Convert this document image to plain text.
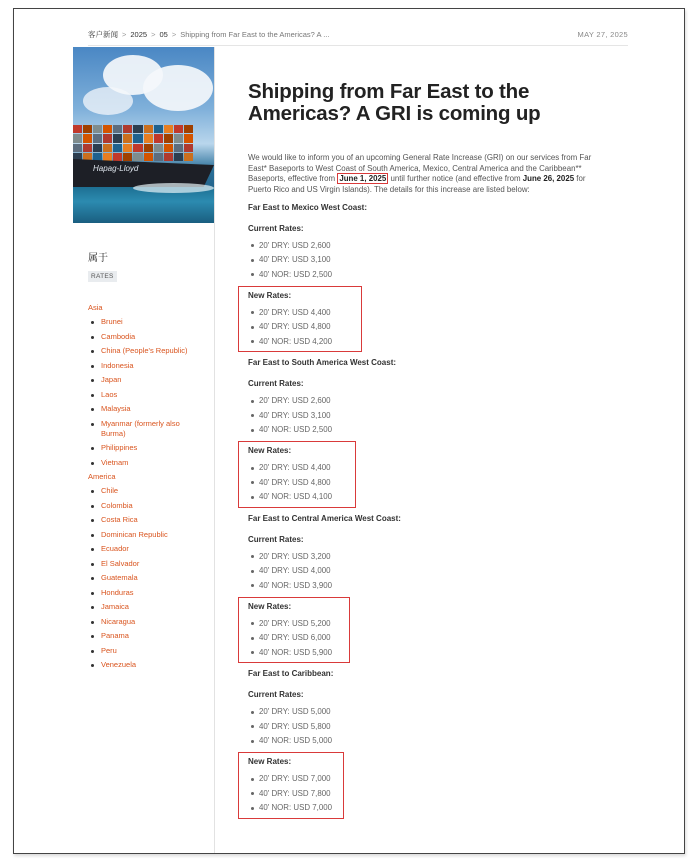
客户新闻 > 2025 > 05 > Shipping from Far East to the Americas? A ...	MAY 27, 2025
Hapag-Lloyd
属于
RATES
Asia
Brunei
Cambodia
China (People's Republic)
Indonesia
Japan
Laos
Malaysia
Myanmar (formerly also Burma)
Philippines
Vietnam
America
Chile
Colombia
Costa Rica
Dominican Republic
Ecuador
El Salvador
Guatemala
Honduras
Jamaica
Nicaragua
Panama
Peru
Venezuela
Shipping from Far East to the Americas? A GRI is coming up

We would like to inform you of an upcoming General Rate Increase (GRI) on our services from Far East* Baseports to West Coast of South America, Mexico, Central America and the Caribbean** Baseports, effective from June 1, 2025 until further notice (and effective from June 26, 2025 for Puerto Rico and US Virgin Islands). The details for this increase are listed below:

Far East to Mexico West Coast:
Current Rates:
20' DRY: USD 2,600
40' DRY: USD 3,100
40' NOR: USD 2,500
New Rates:
20' DRY: USD 4,400
40' DRY: USD 4,800
40' NOR: USD 4,200
Far East to South America West Coast:
Current Rates:
20' DRY: USD 2,600
40' DRY: USD 3,100
40' NOR: USD 2,500
New Rates:
20' DRY: USD 4,400
40' DRY: USD 4,800
40' NOR: USD 4,100
Far East to Central America West Coast:
Current Rates:
20' DRY: USD 3,200
40' DRY: USD 4,000
40' NOR: USD 3,900
New Rates:
20' DRY: USD 5,200
40' DRY: USD 6,000
40' NOR: USD 5,900
Far East to Caribbean:
Current Rates:
20' DRY: USD 5,000
40' DRY: USD 5,800
40' NOR: USD 5,000
New Rates:
20' DRY: USD 7,000
40' DRY: USD 7,800
40' NOR: USD 7,000
